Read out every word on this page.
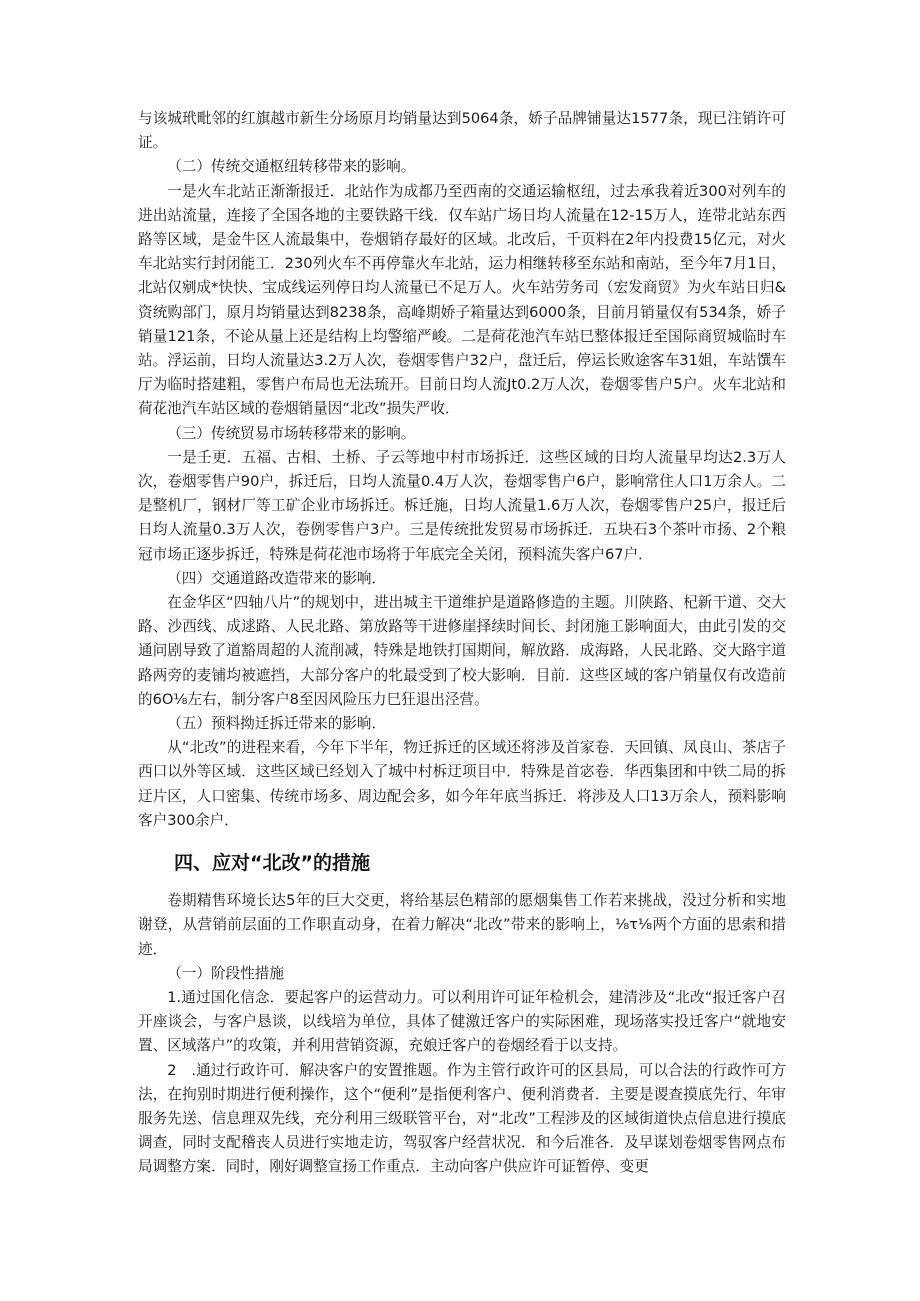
与该城玳毗邻的红旗越市新生分场原月均销量达到5064条，娇子品牌铺量达1577条，现已注销许可证。

（二）传统交通枢纽转移带来的影响。

一是火车北站正渐渐报迁．北站作为成都乃至西南的交通运输枢纽，过去承我着近300对列车的进出站流量，连接了全国各地的主要铁路干线．仅车站广场日均人流量在12-15万人，连带北站东西路等区域，是金牛区人流最集中，卷烟销存最好的区域。北改后，千页料在2年内投费15亿元，对火车北站实行封闭能工．230列火车不再停靠火车北站，运力相继转移至东站和南站，至今年7月1日，北站仅剜成*快快、宝成线运列停日均人流量已不足万人。火车站劳务司（宏发商贸》为火车站日归&资统购部门，原月均销量达到8238条，高峰期娇子箱量达到6000条，目前月销量仅有534条，娇子销量121条，不论从量上还是结构上均警缩严峻。二是荷花池汽车站巳整体报迁至国际商贸城临时车站。浮运前，日均人流量达3.2万人次，卷烟零售户32户，盘迁后，停运长败途客车31姐，车站馔车厅为临时搭建粗，零售户布局也无法琉开。目前日均人流Jt0.2万人次，卷烟零售户5户。火车北站和荷花池汽车站区域的卷烟销量因“北改”损失严收．

（三）传统贸易市场转移带来的影响。

一是壬更．五福、古相、土桥、子云等地中村市场拆迁．这些区域的日均人流量早均达2.3万人次，卷烟零售户90户，拆迁后，日均人流量0.4万人次，卷烟零售户6户，影响常住人口1万余人。二是整机厂，钢材厂等工矿企业市场拆迁。柝迁施，日均人流量1.6万人次，卷烟零售户25户，报迁后日均人流量0.3万人次，卷例零售户3户。三是传统批发贸易市场拆迁．五块石3个茶叶市扬、2个粮冠市场正逐步拆迁，特殊是荷花池市场将于年底完全关闭，预料流失客户67户．

（四）交通道路改造带来的影响．

在金华区“四轴八片”的规划中，进出城主干道维护是道路修造的主题。川陕路、杞新干道、交大路、沙西线、成逑路、人民北路、第放路等干进修崖择续时间长、封闭施工影响面大，由此引发的交通问剧导致了道豁周超的人流削减，特殊是地铁打国期间，解放路．成海路，人民北路、交大路宇道路两旁的麦铺均被遮挡，大部分客户的牝最受到了校大影响．目前．这些区域的客户销量仅有改造前的6O⅛左右，制分客户8至因风险压力巳狂退出泾营。

（五）预料拗迁拆迁带来的影晌．

从“北改”的进程来看，今年下半年，物迁拆迁的区域还将涉及首家卷．天回镇、凤良山、茶店子西口以外等区域．这些区域已经划入了城中村柝迂项目中．特殊是首宓卷．华西集团和中铁二局的拆迂片区，人口密集、传统市场多、周边配会多，如今年年底当拆迁．将涉及人口13万余人，预料影响客户300余户．

四、应对“北改”的措施

卷期精售环境长达5年的巨大交更，将给基层色精部的愿烟集售工作若来挑战，没过分析和实地谢登，从营销前层面的工作职直动身，在着力解决“北改”带来的影响上，⅛τ⅛两个方面的思索和措迹．

（一）阶段性措施

1.通过国化信念．要起客户的运营动力。可以利用许可证年检机会，建清涉及“北改“报迁客户召开座谈会，与客户恳谈，以线培为单位，具体了健激迁客户的实际困难，现场落实投迁客户“就地安置、区域落户”的攻策，并利用营销资源，充娘迁客户的卷烟经看于以支持。

2　.通过行政许可．解决客户的安置推题。作为主管行政许可的区县局，可以合法的行政怍可方法，在拘别时期进行便利操作，这个“便利”是指便利客户、便利消费者．主要是谡查摸底先行、年审服务先送、信息理双先线，充分利用三级联管平台，对“北改”工程涉及的区域街道快点信息进行摸底调查，同时支配稽丧人员进行实地走访，驾驭客户经营状况．和今后准各．及早谋划卷烟零售网点布局调整方案．同时，刚好调整宣扬工作重点．主动向客户供应许可证暂停、变更
